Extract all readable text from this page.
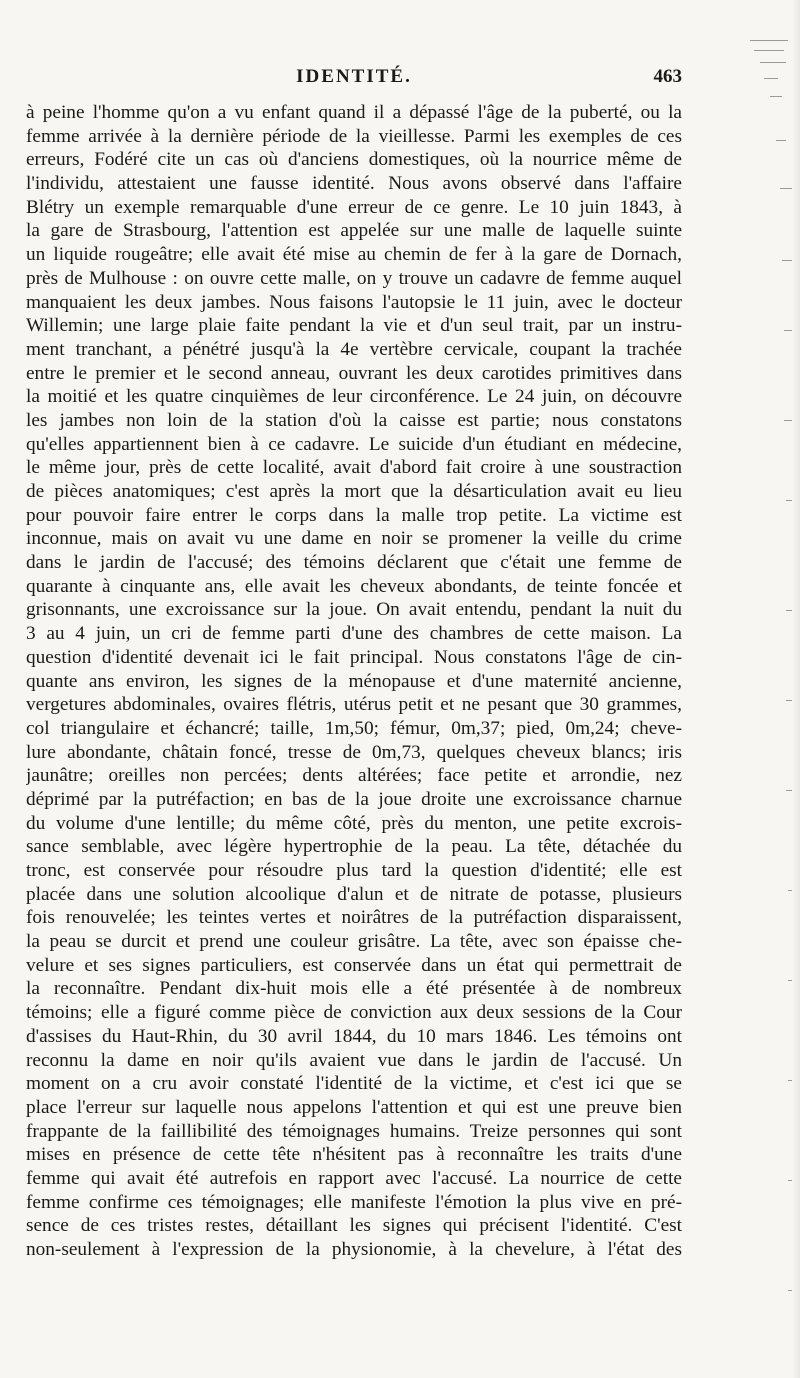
IDENTITÉ.	463
à peine l'homme qu'on a vu enfant quand il a dépassé l'âge de la puberté, ou la
femme arrivée à la dernière période de la vieillesse. Parmi les exemples de ces
erreurs, Fodéré cite un cas où d'anciens domestiques, où la nourrice même de
l'individu, attestaient une fausse identité. Nous avons observé dans l'affaire
Blétry un exemple remarquable d'une erreur de ce genre. Le 10 juin 1843, à
la gare de Strasbourg, l'attention est appelée sur une malle de laquelle suinte
un liquide rougeâtre; elle avait été mise au chemin de fer à la gare de Dornach,
près de Mulhouse : on ouvre cette malle, on y trouve un cadavre de femme auquel
manquaient les deux jambes. Nous faisons l'autopsie le 11 juin, avec le docteur
Willemin; une large plaie faite pendant la vie et d'un seul trait, par un instru-
ment tranchant, a pénétré jusqu'à la 4e vertèbre cervicale, coupant la trachée
entre le premier et le second anneau, ouvrant les deux carotides primitives dans
la moitié et les quatre cinquièmes de leur circonférence. Le 24 juin, on découvre
les jambes non loin de la station d'où la caisse est partie; nous constatons
qu'elles appartiennent bien à ce cadavre. Le suicide d'un étudiant en médecine,
le même jour, près de cette localité, avait d'abord fait croire à une soustraction
de pièces anatomiques; c'est après la mort que la désarticulation avait eu lieu
pour pouvoir faire entrer le corps dans la malle trop petite. La victime est
inconnue, mais on avait vu une dame en noir se promener la veille du crime
dans le jardin de l'accusé; des témoins déclarent que c'était une femme de
quarante à cinquante ans, elle avait les cheveux abondants, de teinte foncée et
grisonnants, une excroissance sur la joue. On avait entendu, pendant la nuit du
3 au 4 juin, un cri de femme parti d'une des chambres de cette maison. La
question d'identité devenait ici le fait principal. Nous constatons l'âge de cin-
quante ans environ, les signes de la ménopause et d'une maternité ancienne,
vergetures abdominales, ovaires flétris, utérus petit et ne pesant que 30 grammes,
col triangulaire et échancré; taille, 1m,50; fémur, 0m,37; pied, 0m,24; cheve-
lure abondante, châtain foncé, tresse de 0m,73, quelques cheveux blancs; iris
jaunâtre; oreilles non percées; dents altérées; face petite et arrondie, nez
déprimé par la putréfaction; en bas de la joue droite une excroissance charnue
du volume d'une lentille; du même côté, près du menton, une petite excrois-
sance semblable, avec légère hypertrophie de la peau. La tête, détachée du
tronc, est conservée pour résoudre plus tard la question d'identité; elle est
placée dans une solution alcoolique d'alun et de nitrate de potasse, plusieurs
fois renouvelée; les teintes vertes et noirâtres de la putréfaction disparaissent,
la peau se durcit et prend une couleur grisâtre. La tête, avec son épaisse che-
velure et ses signes particuliers, est conservée dans un état qui permettrait de
la reconnaître. Pendant dix-huit mois elle a été présentée à de nombreux
témoins; elle a figuré comme pièce de conviction aux deux sessions de la Cour
d'assises du Haut-Rhin, du 30 avril 1844, du 10 mars 1846. Les témoins ont
reconnu la dame en noir qu'ils avaient vue dans le jardin de l'accusé. Un
moment on a cru avoir constaté l'identité de la victime, et c'est ici que se
place l'erreur sur laquelle nous appelons l'attention et qui est une preuve bien
frappante de la faillibilité des témoignages humains. Treize personnes qui sont
mises en présence de cette tête n'hésitent pas à reconnaître les traits d'une
femme qui avait été autrefois en rapport avec l'accusé. La nourrice de cette
femme confirme ces témoignages; elle manifeste l'émotion la plus vive en pré-
sence de ces tristes restes, détaillant les signes qui précisent l'identité. C'est
non-seulement à l'expression de la physionomie, à la chevelure, à l'état des
